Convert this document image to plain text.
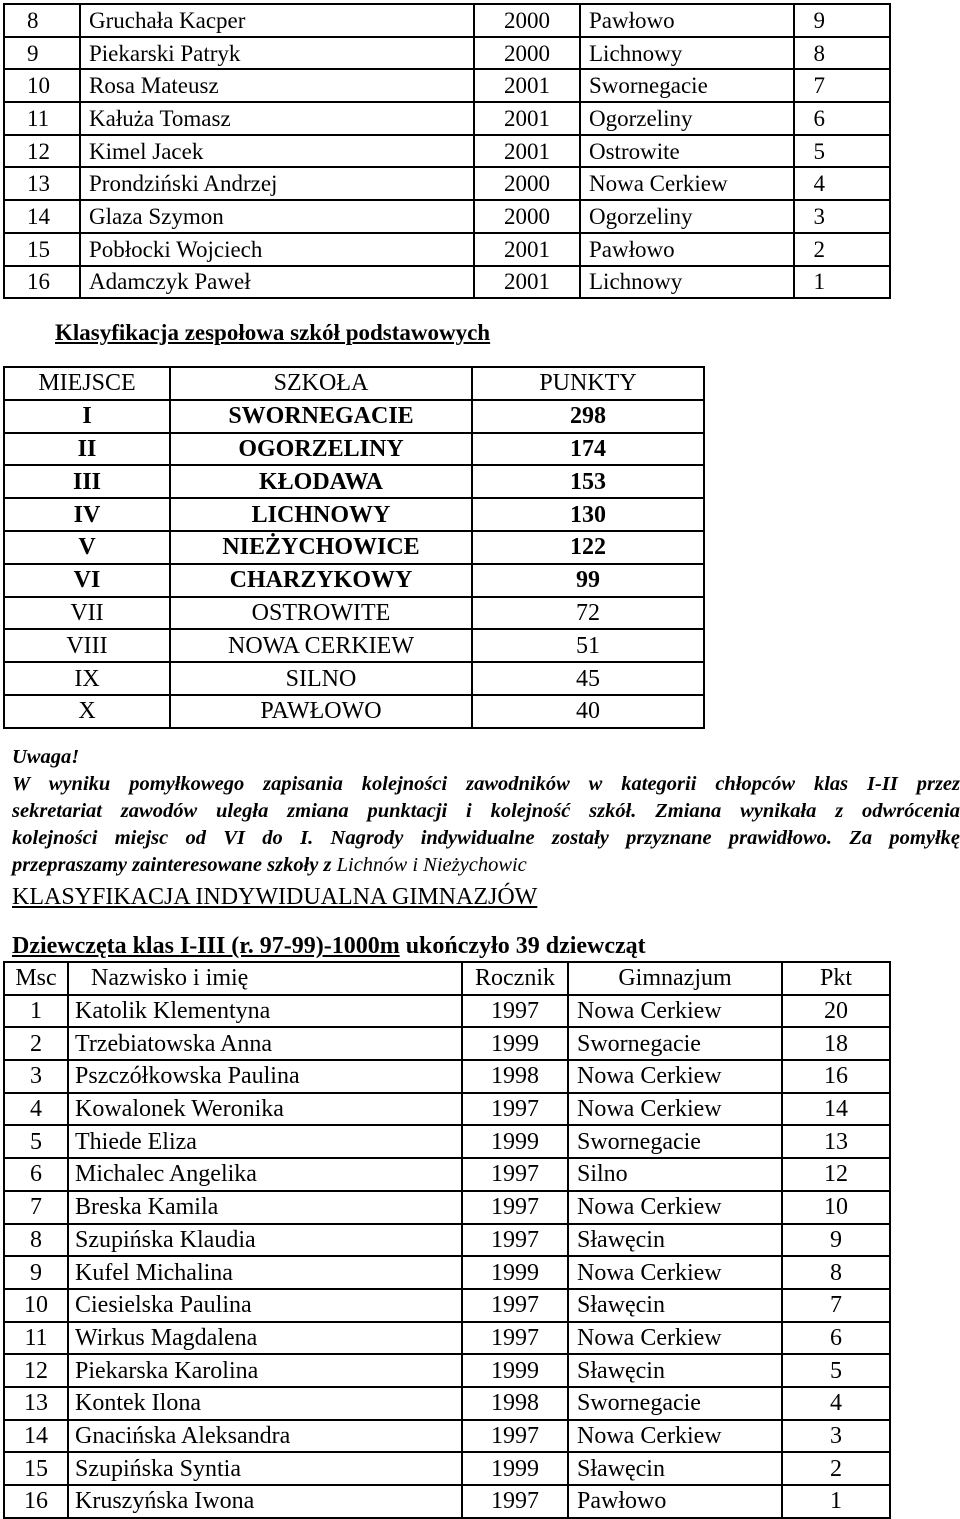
8	Gruchała Kacper	2000	Pawłowo	9
9	Piekarski Patryk	2000	Lichnowy	8
10	Rosa Mateusz	2001	Swornegacie	7
11	Kałuża Tomasz	2001	Ogorzeliny	6
12	Kimel Jacek	2001	Ostrowite	5
13	Prondziński Andrzej	2000	Nowa Cerkiew	4
14	Glaza Szymon	2000	Ogorzeliny	3
15	Pobłocki Wojciech	2001	Pawłowo	2
16	Adamczyk Paweł	2001	Lichnowy	1
Klasyfikacja zespołowa szkół podstawowych
MIEJSCE	SZKOŁA	PUNKTY
I	SWORNEGACIE	298
II	OGORZELINY	174
III	KŁODAWA	153
IV	LICHNOWY	130
V	NIEŻYCHOWICE	122
VI	CHARZYKOWY	99
VII	OSTROWITE	72
VIII	NOWA CERKIEW	51
IX	SILNO	45
X	PAWŁOWO	40
Uwaga!
W wyniku pomyłkowego zapisania kolejności zawodników w kategorii chłopców klas I-II przez
sekretariat zawodów uległa zmiana punktacji i kolejność szkół. Zmiana wynikała z odwrócenia
kolejności miejsc od VI do I. Nagrody indywidualne zostały przyznane prawidłowo. Za pomyłkę
przepraszamy zainteresowane szkoły z Lichnów i Nieżychowic
KLASYFIKACJA INDYWIDUALNA GIMNAZJÓW
Dziewczęta klas I-III (r. 97-99)-1000m ukończyło 39 dziewcząt
Msc	Nazwisko i imię	Rocznik	Gimnazjum	Pkt
1	Katolik Klementyna	1997	Nowa Cerkiew	20
2	Trzebiatowska Anna	1999	Swornegacie	18
3	Pszczółkowska Paulina	1998	Nowa Cerkiew	16
4	Kowalonek Weronika	1997	Nowa Cerkiew	14
5	Thiede Eliza	1999	Swornegacie	13
6	Michalec Angelika	1997	Silno	12
7	Breska Kamila	1997	Nowa Cerkiew	10
8	Szupińska Klaudia	1997	Sławęcin	9
9	Kufel Michalina	1999	Nowa Cerkiew	8
10	Ciesielska Paulina	1997	Sławęcin	7
11	Wirkus Magdalena	1997	Nowa Cerkiew	6
12	Piekarska Karolina	1999	Sławęcin	5
13	Kontek Ilona	1998	Swornegacie	4
14	Gnacińska Aleksandra	1997	Nowa Cerkiew	3
15	Szupińska Syntia	1999	Sławęcin	2
16	Kruszyńska Iwona	1997	Pawłowo	1
